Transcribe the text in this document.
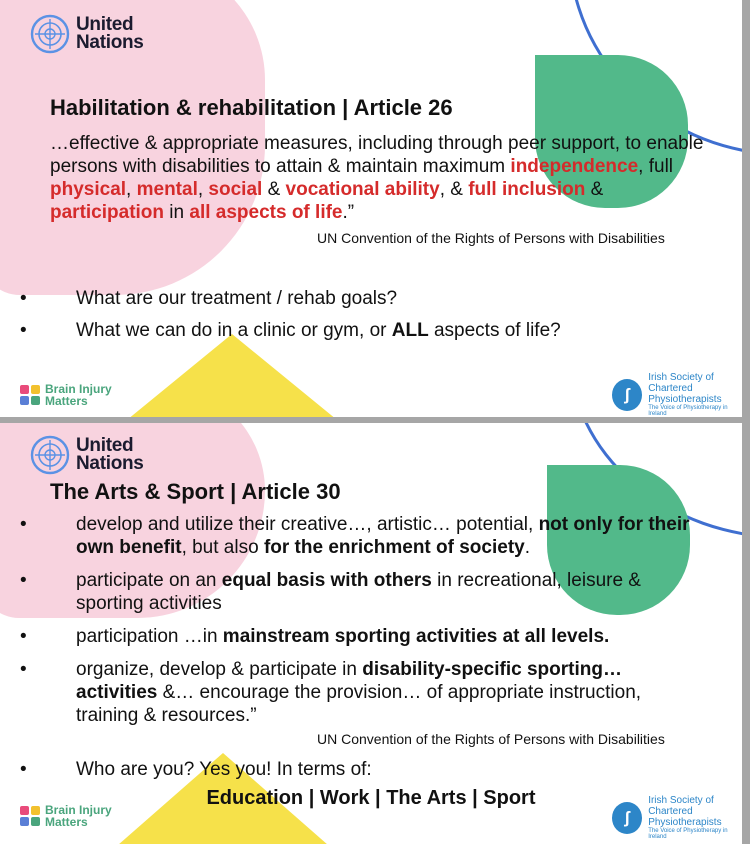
United
Nations
Habilitation & rehabilitation | Article 26
…effective & appropriate measures, including through peer support, to enable persons with disabilities to attain & maintain maximum independence, full physical, mental, social & vocational ability, & full inclusion & participation in all aspects of life.”
UN Convention of the Rights of Persons with Disabilities
•	What are our treatment / rehab goals?
•	What we can do in a clinic or gym, or ALL aspects of life?
Brain Injury
Matters	ʃ
Irish Society of
Chartered
Physiotherapists
The Voice of Physiotherapy in Ireland
United
Nations
The Arts & Sport | Article 30
•	develop and utilize their creative…, artistic… potential, not only for their own benefit, but also for the enrichment of society.
•	participate on an equal basis with others in recreational, leisure & sporting activities
•	participation …in mainstream sporting activities at all levels.
•	organize, develop & participate in disability-specific sporting… activities &… encourage the provision… of appropriate instruction, training & resources.”
UN Convention of the Rights of Persons with Disabilities
•	Who are you? Yes you! In terms of:
Education | Work | The Arts | Sport
Brain Injury
Matters	ʃ
Irish Society of
Chartered
Physiotherapists
The Voice of Physiotherapy in Ireland
